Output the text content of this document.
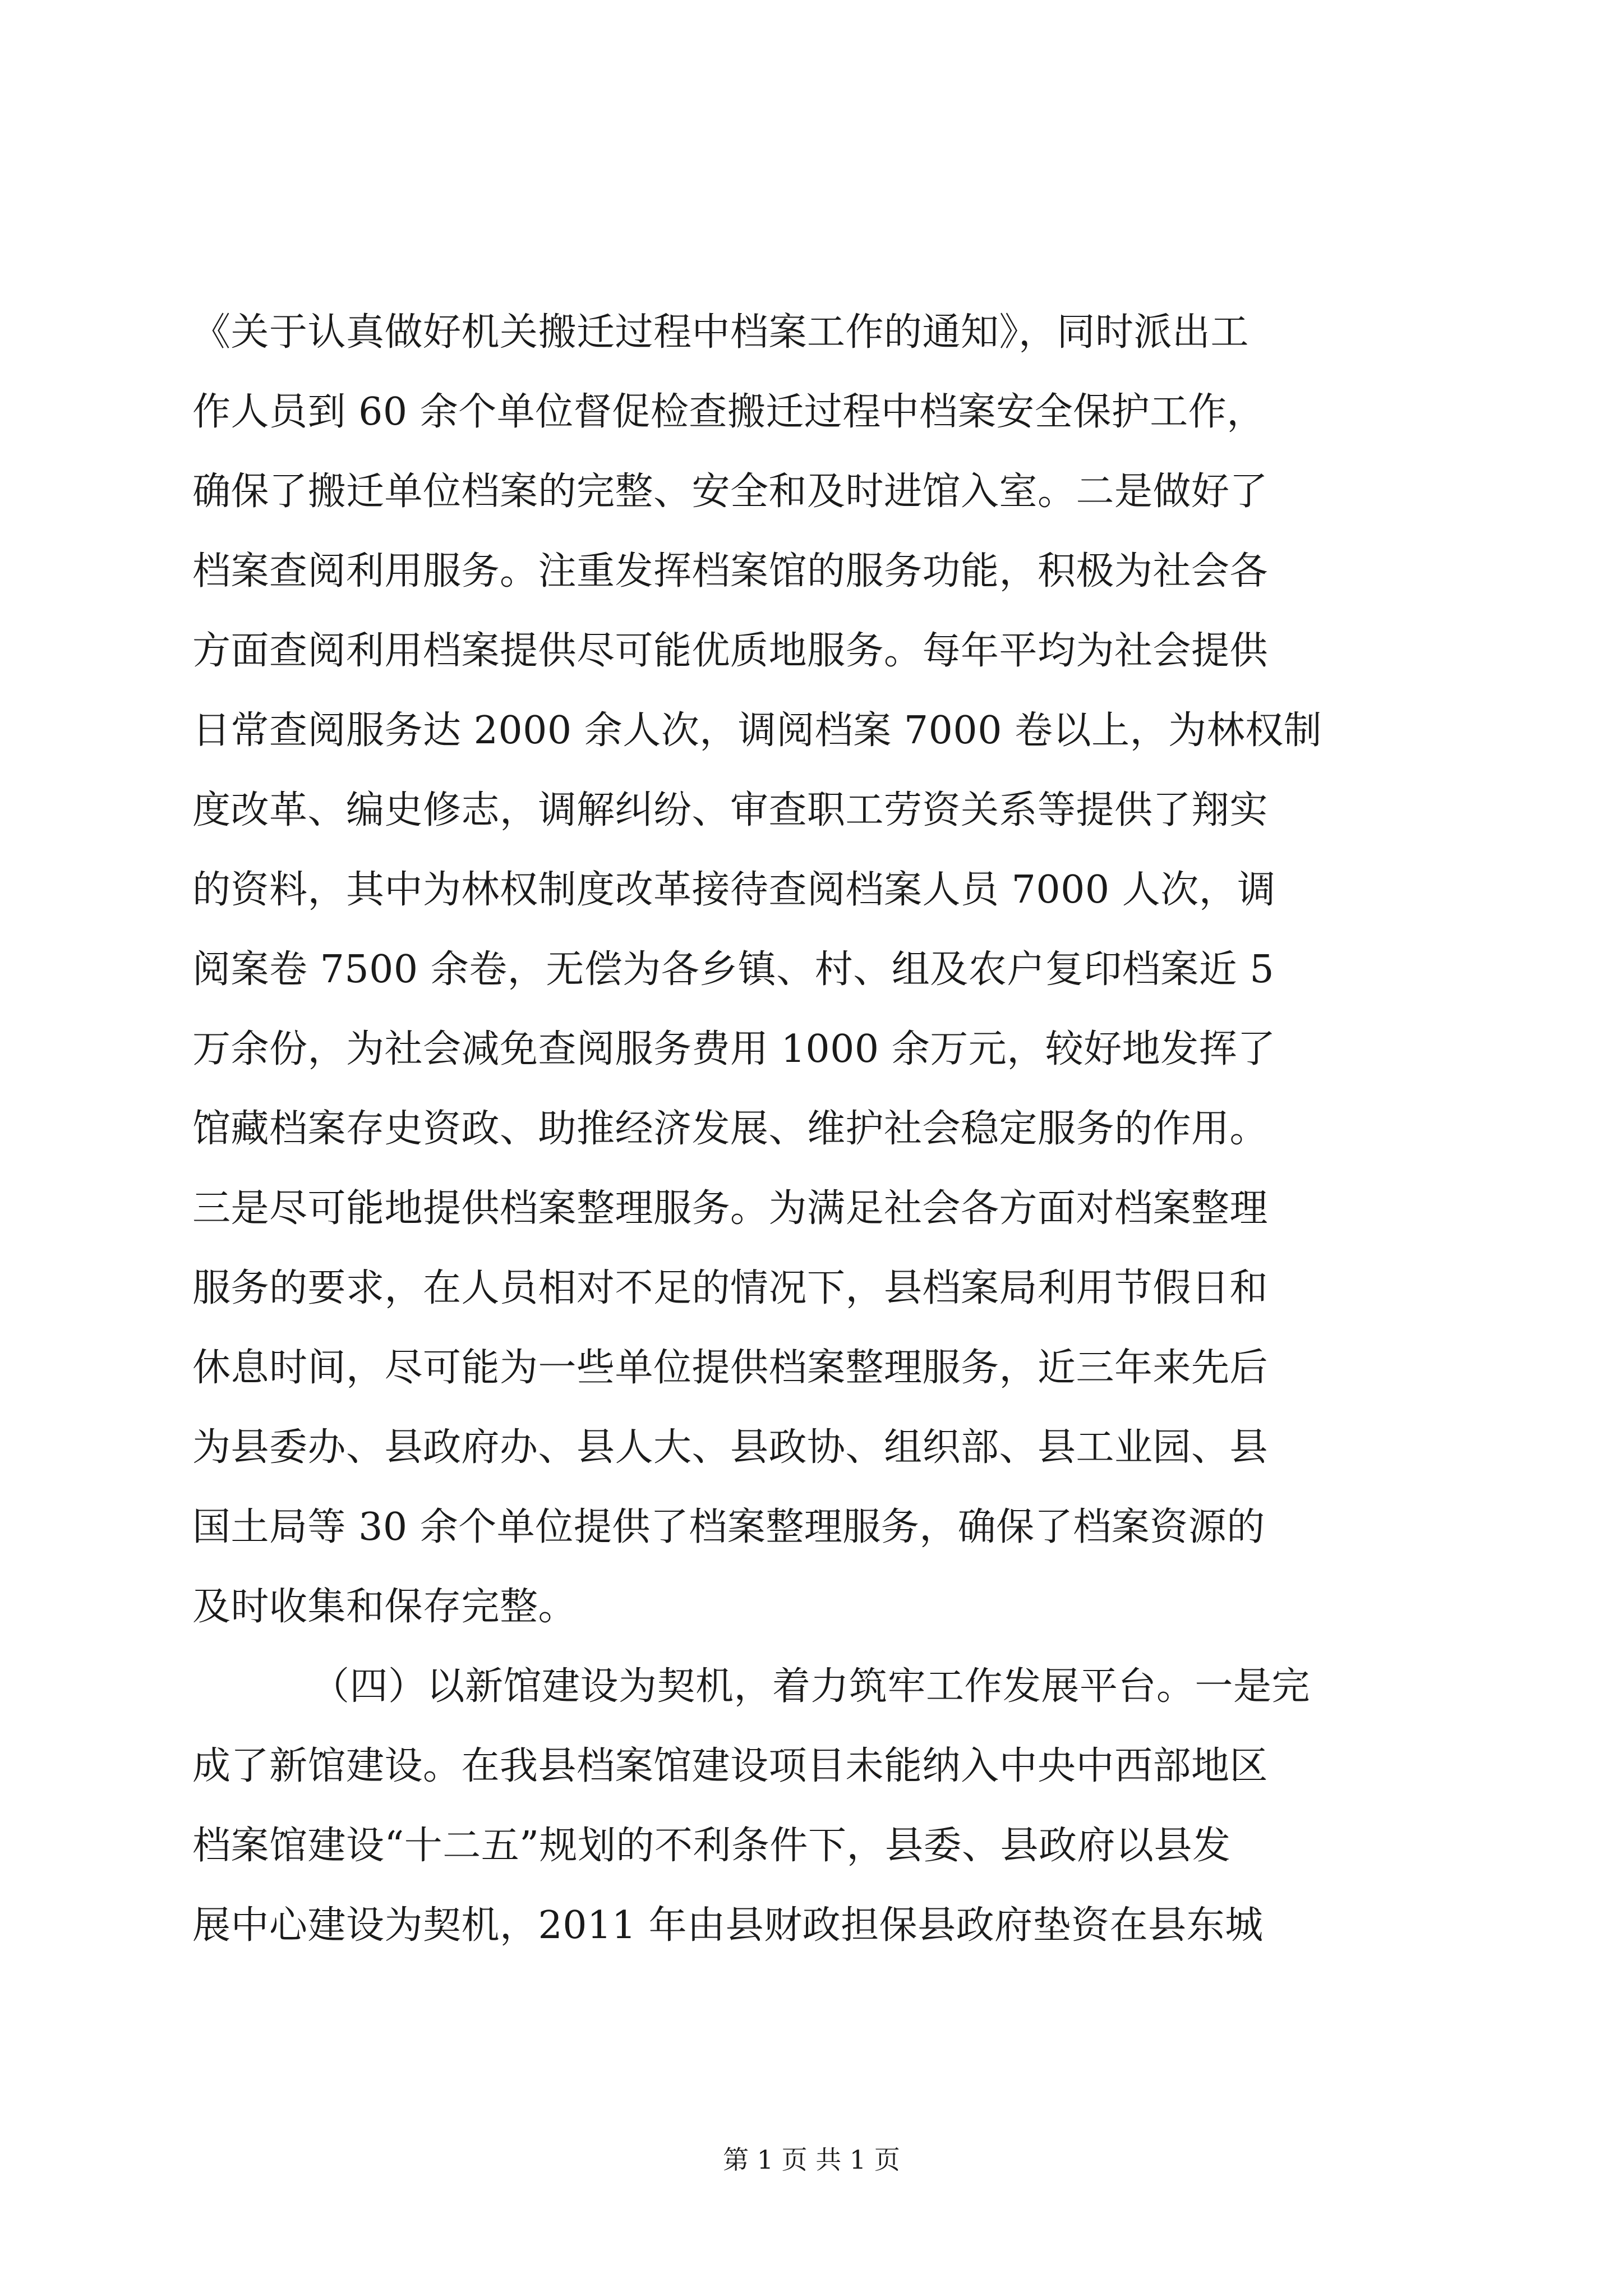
《关于认真做好机关搬迁过程中档案工作的通知》，同时派出工
作人员到 60 余个单位督促检查搬迁过程中档案安全保护工作，
确保了搬迁单位档案的完整、安全和及时进馆入室。二是做好了
档案查阅利用服务。注重发挥档案馆的服务功能，积极为社会各
方面查阅利用档案提供尽可能优质地服务。每年平均为社会提供
日常查阅服务达 2000 余人次，调阅档案 7000 卷以上，为林权制
度改革、编史修志，调解纠纷、审查职工劳资关系等提供了翔实
的资料，其中为林权制度改革接待查阅档案人员 7000 人次，调
阅案卷 7500 余卷，无偿为各乡镇、村、组及农户复印档案近 5
万余份，为社会减免查阅服务费用 1000 余万元，较好地发挥了
馆藏档案存史资政、助推经济发展、维护社会稳定服务的作用。
三是尽可能地提供档案整理服务。为满足社会各方面对档案整理
服务的要求，在人员相对不足的情况下，县档案局利用节假日和
休息时间，尽可能为一些单位提供档案整理服务，近三年来先后
为县委办、县政府办、县人大、县政协、组织部、县工业园、县
国土局等 30 余个单位提供了档案整理服务，确保了档案资源的
及时收集和保存完整。
（四）以新馆建设为契机，着力筑牢工作发展平台。一是完
成了新馆建设。在我县档案馆建设项目未能纳入中央中西部地区
档案馆建设“十二五”规划的不利条件下，县委、县政府以县发
展中心建设为契机，2011 年由县财政担保县政府垫资在县东城
第 1 页 共 1 页
